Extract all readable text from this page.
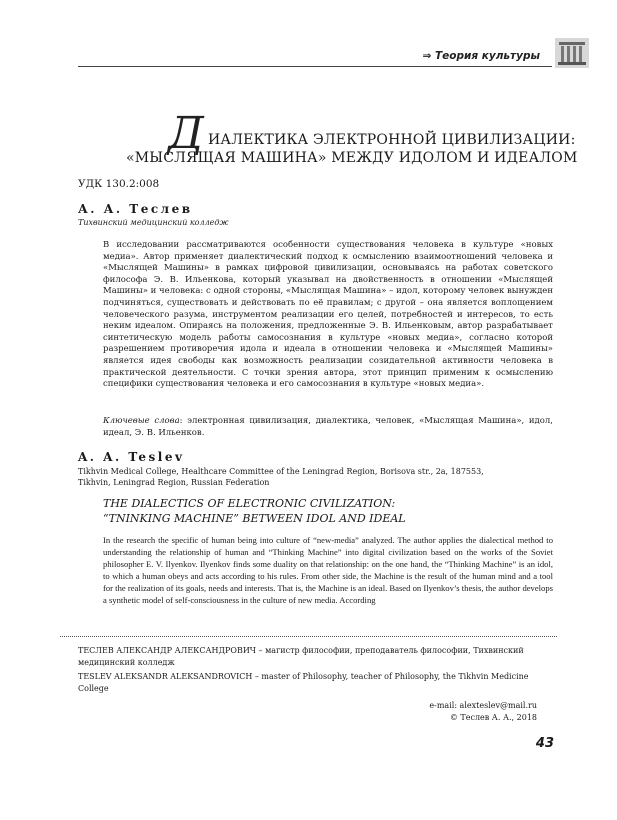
⇒ Теория культуры
Д ИАЛЕКТИКА ЭЛЕКТРОННОЙ ЦИВИЛИЗАЦИИ:
«МЫСЛЯЩАЯ МАШИНА» МЕЖДУ ИДОЛОМ И ИДЕАЛОМ
УДК 130.2:008
А. А. Теслев
Тихвинский медицинский колледж
В исследовании рассматриваются особенности существования человека в культуре «новых медиа». Автор применяет диалектический подход к осмыслению взаимоотношений человека и «Мыслящей Машины» в рамках цифровой цивилизации, основываясь на работах советского философа Э. В. Ильенкова, который указывал на двойственность в отношении «Мыслящей Машины» и человека: с одной стороны, «Мыслящая Машина» – идол, которому человек вынужден подчиняться, существовать и действовать по её правилам; с другой – она является воплощением человеческого разума, инструментом реализации его целей, потребностей и интересов, то есть неким идеалом. Опираясь на положения, предложенные Э. В. Ильенковым, автор разрабатывает синтетическую модель работы самосознания в культуре «новых медиа», согласно которой разрешением противоречия идола и идеала в отношении человека и «Мыслящей Машины» является идея свободы как возможность реализации созидательной активности человека в практической деятельности. С точки зрения автора, этот принцип применим к осмыслению специфики существования человека и его самосознания в культуре «новых медиа».
Ключевые слова: электронная цивилизация, диалектика, человек, «Мыслящая Машина», идол, идеал, Э. В. Ильенков.
A. A. Teslev
Tikhvin Medical College, Healthcare Committee of the Leningrad Region, Borisova str., 2a, 187553, Tikhvin, Leningrad Region, Russian Federation
THE DIALECTICS OF ELECTRONIC CIVILIZATION:
“TNINKING MACHINE” BETWEEN IDOL AND IDEAL
In the research the specific of human being into culture of “new-media” analyzed. The author applies the dialectical method to understanding the relationship of human and “Thinking Machine” into digital civilization based on the works of the Soviet philosopher E. V. Ilyenkov. Ilyenkov finds some duality on that relationship: on the one hand, the “Thinking Machine” is an idol, to which a human obeys and acts according to his rules. From other side, the Machine is the result of the human mind and a tool for the realization of its goals, needs and interests. That is, the Machine is an ideal. Based on Ilyenkov’s thesis, the author develops a synthetic model of self-consciousness in the culture of new media. According
ТЕСЛЕВ АЛЕКСАНДР АЛЕКСАНДРОВИЧ – магистр философии, преподаватель философии, Тихвинский медицинский колледж
TESLEV ALEKSANDR ALEKSANDROVICH – master of Philosophy, teacher of Philosophy, the Tikhvin Medicine College
e-mail: alexteslev@mail.ru
© Теслев А. А., 2018
43
